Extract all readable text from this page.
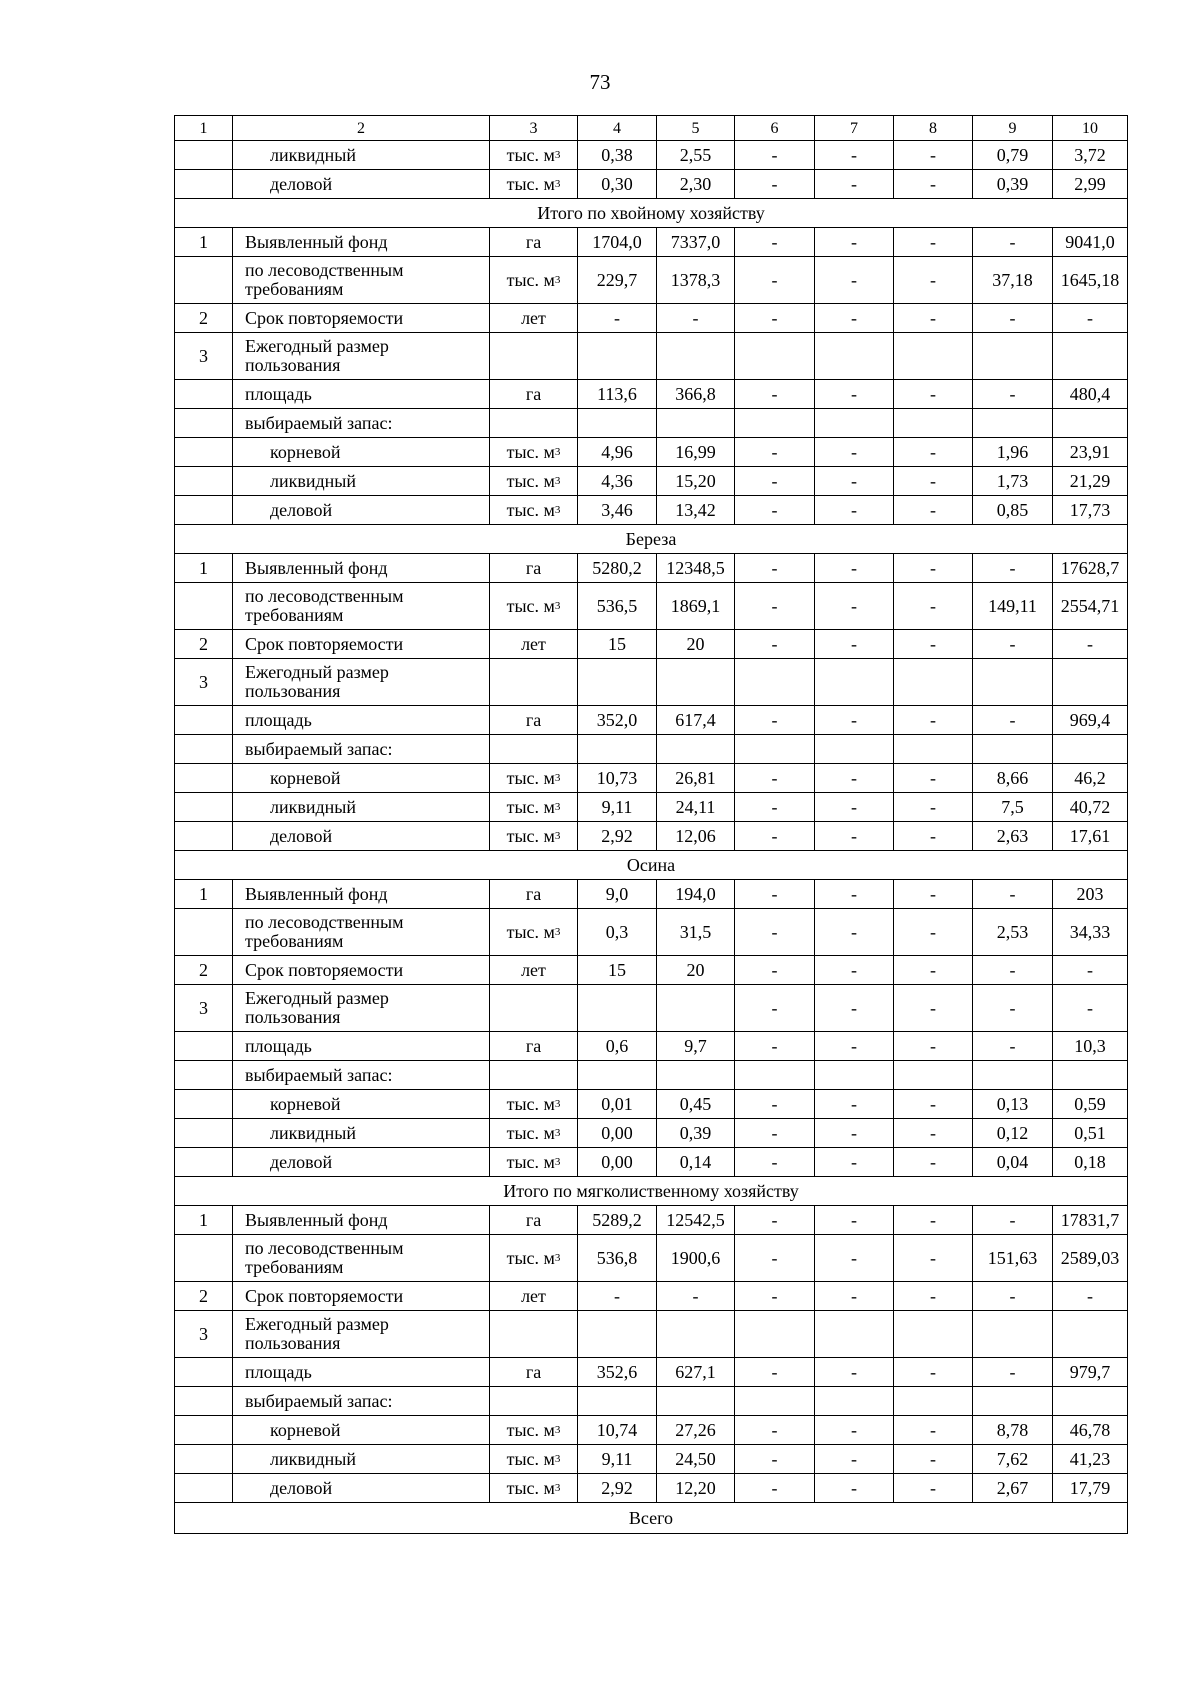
73
1	2	3	4	5	6	7	8	9	10
	ликвидный	тыс. $м^3$	0,38	2,55	-	-	-	0,79	3,72
	деловой	тыс. $м^3$	0,30	2,30	-	-	-	0,39	2,99
Итого по хвойному хозяйству									
1	Выявленный фонд	га	1704,0	7337,0	-	-	-	-	9041,0
	по лесоводственным требованиям	тыс. $м^3$	229,7	1378,3	-	-	-	37,18	1645,18
2	Срок повторяемости	лет	-	-	-	-	-	-	-
3	Ежегодный размер пользования								
	площадь	га	113,6	366,8	-	-	-	-	480,4
	выбираемый запас:								
	корневой	тыс. $м^3$	4,96	16,99	-	-	-	1,96	23,91
	ликвидный	тыс. $м^3$	4,36	15,20	-	-	-	1,73	21,29
	деловой	тыс. $м^3$	3,46	13,42	-	-	-	0,85	17,73
Береза									
1	Выявленный фонд	га	5280,2	12348,5	-	-	-	-	17628,7
	по лесоводственным требованиям	тыс. $м^3$	536,5	1869,1	-	-	-	149,11	2554,71
2	Срок повторяемости	лет	15	20	-	-	-	-	-
3	Ежегодный размер пользования								
	площадь	га	352,0	617,4	-	-	-	-	969,4
	выбираемый запас:								
	корневой	тыс. $м^3$	10,73	26,81	-	-	-	8,66	46,2
	ликвидный	тыс. $м^3$	9,11	24,11	-	-	-	7,5	40,72
	деловой	тыс. $м^3$	2,92	12,06	-	-	-	2,63	17,61
Осина									
1	Выявленный фонд	га	9,0	194,0	-	-	-	-	203
	по лесоводственным требованиям	тыс. $м^3$	0,3	31,5	-	-	-	2,53	34,33
2	Срок повторяемости	лет	15	20	-	-	-	-	-
3	Ежегодный размер пользования				-	-	-	-	-
	площадь	га	0,6	9,7	-	-	-	-	10,3
	выбираемый запас:								
	корневой	тыс. $м^3$	0,01	0,45	-	-	-	0,13	0,59
	ликвидный	тыс. $м^3$	0,00	0,39	-	-	-	0,12	0,51
	деловой	тыс. $м^3$	0,00	0,14	-	-	-	0,04	0,18
Итого по мягколиственному хозяйству									
1	Выявленный фонд	га	5289,2	12542,5	-	-	-	-	17831,7
	по лесоводственным требованиям	тыс. $м^3$	536,8	1900,6	-	-	-	151,63	2589,03
2	Срок повторяемости	лет	-	-	-	-	-	-	-
3	Ежегодный размер пользования								
	площадь	га	352,6	627,1	-	-	-	-	979,7
	выбираемый запас:								
	корневой	тыс. $м^3$	10,74	27,26	-	-	-	8,78	46,78
	ликвидный	тыс. $м^3$	9,11	24,50	-	-	-	7,62	41,23
	деловой	тыс. $м^3$	2,92	12,20	-	-	-	2,67	17,79
Всего									
